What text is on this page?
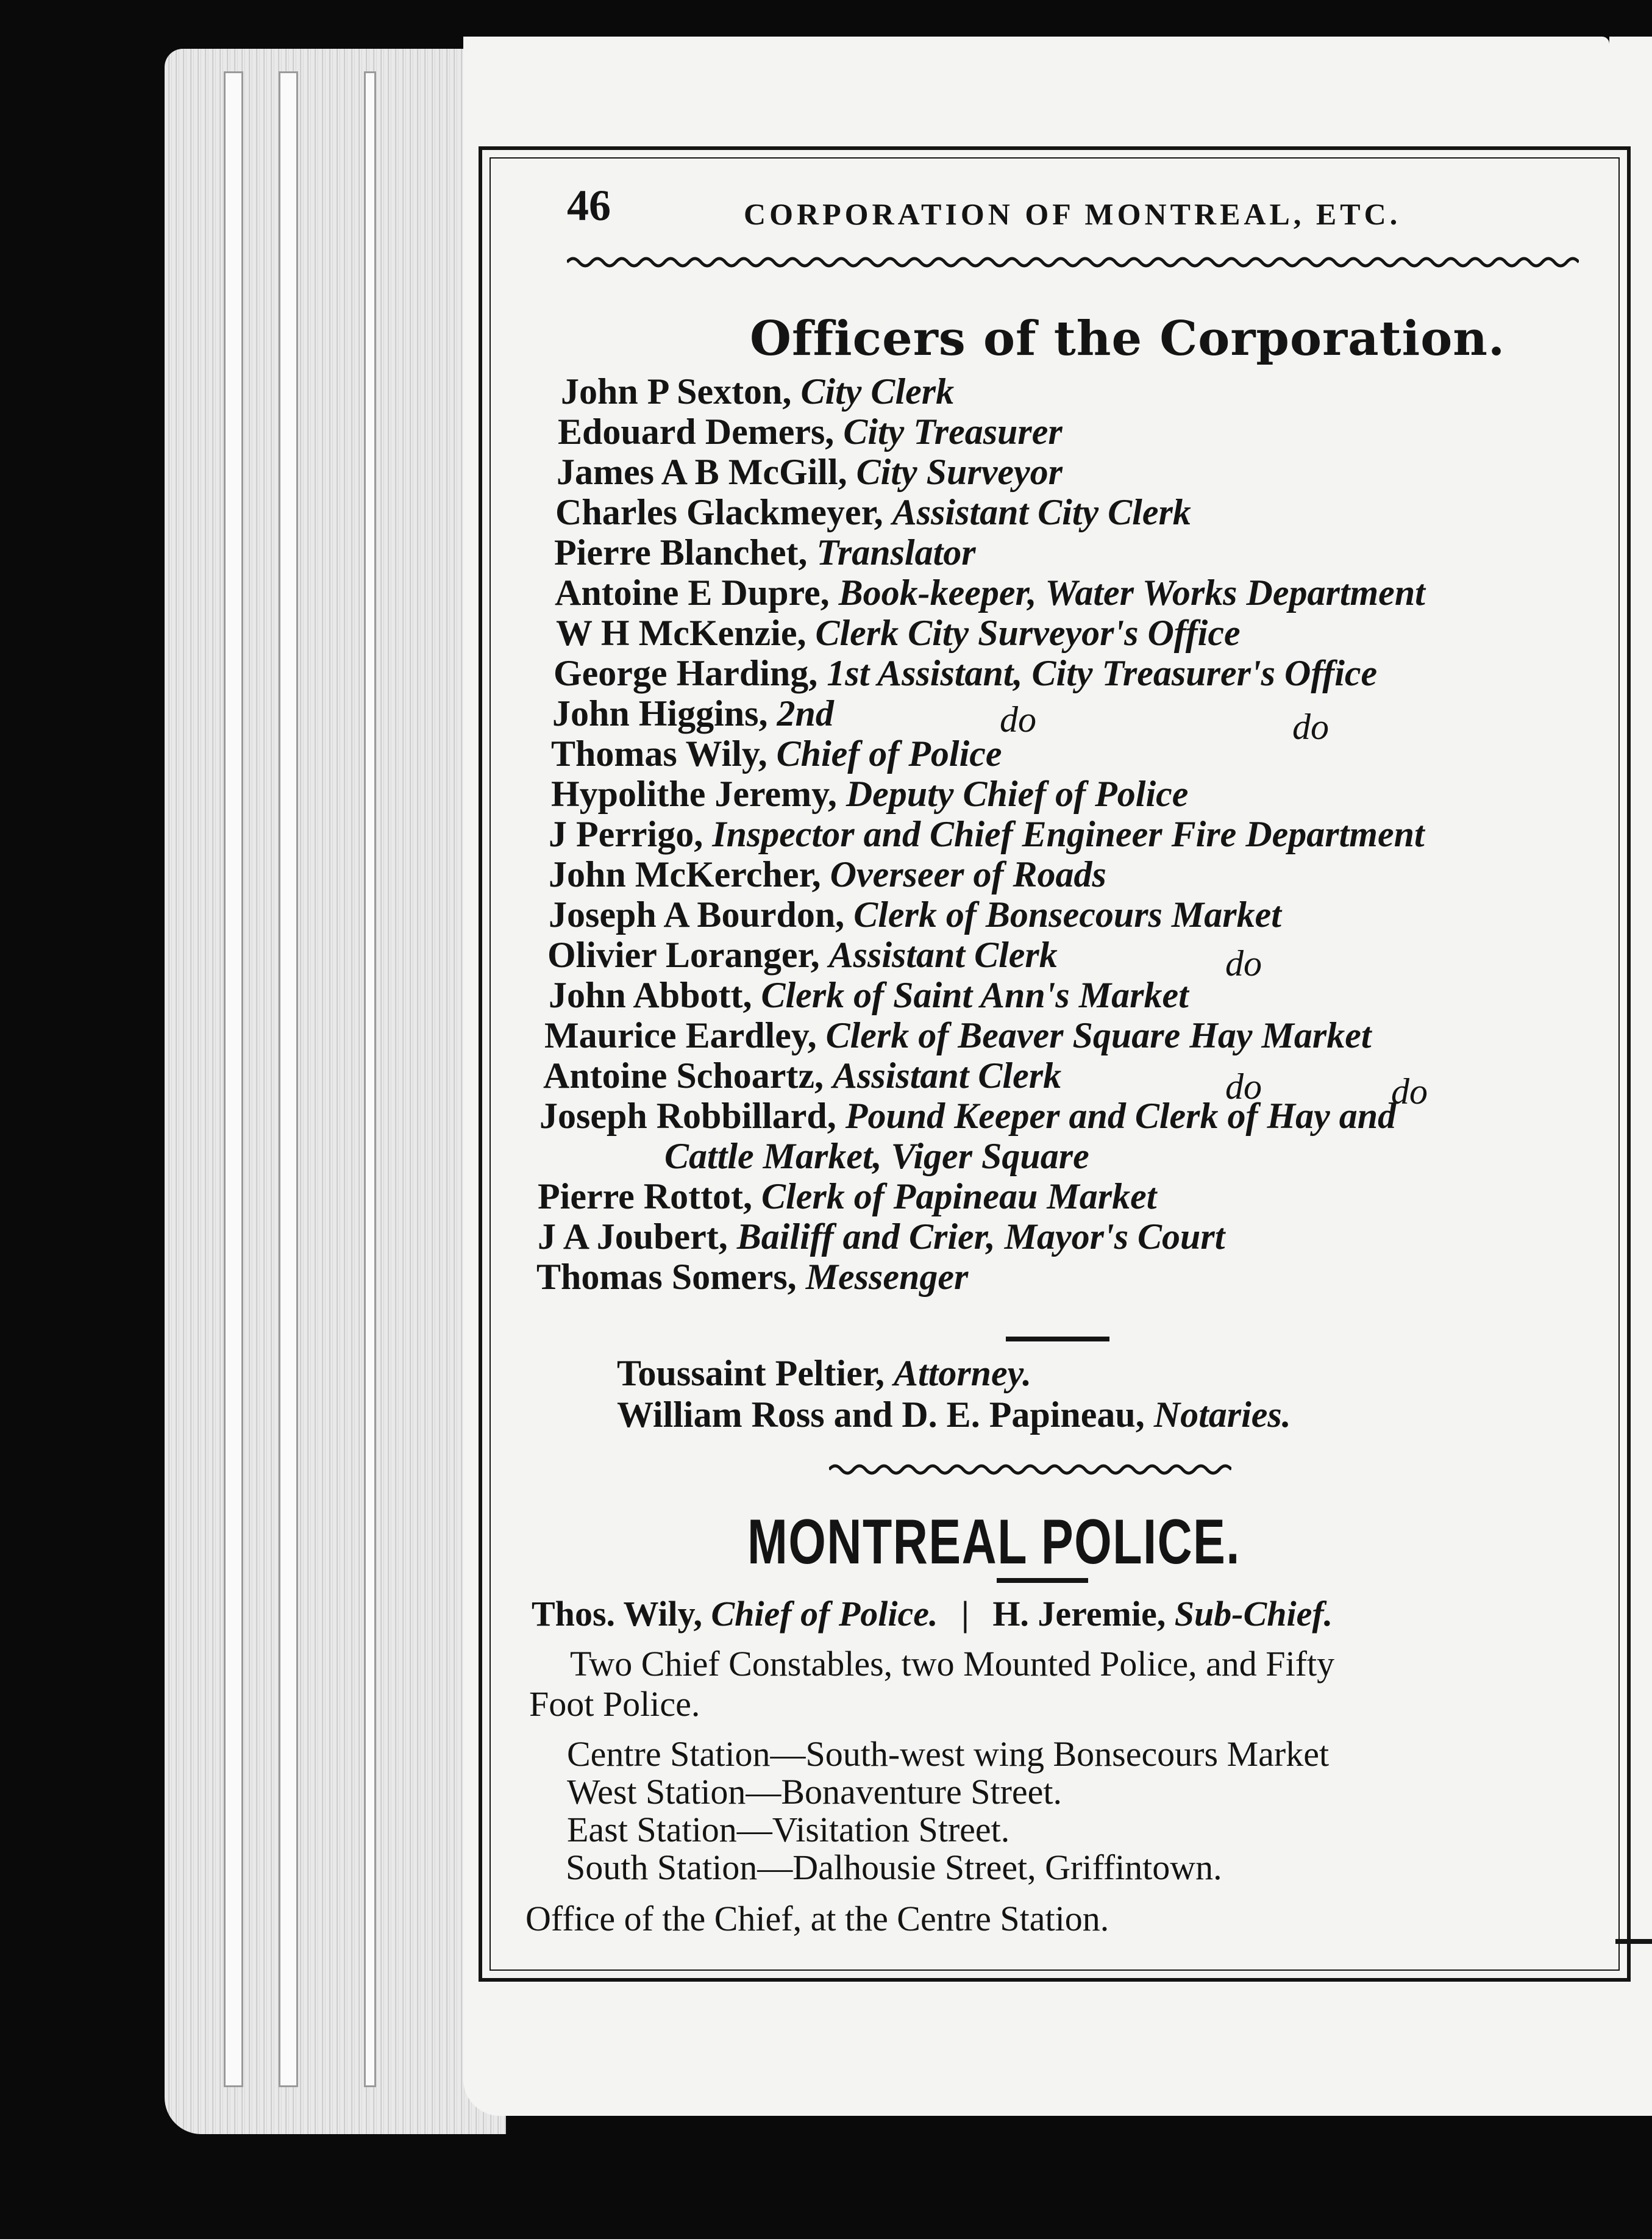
46	CORPORATION OF MONTREAL, ETC.
Officers of the Corporation.
John P Sexton, City Clerk
Edouard Demers, City Treasurer
James A B McGill, City Surveyor
Charles Glackmeyer, Assistant City Clerk
Pierre Blanchet, Translator
Antoine E Dupre, Book-keeper, Water Works Department
W H McKenzie, Clerk City Surveyor's Office
George Harding, 1st Assistant, City Treasurer's Office
John Higgins, 2nd	do	do
Thomas Wily, Chief of Police
Hypolithe Jeremy, Deputy Chief of Police
J Perrigo, Inspector and Chief Engineer Fire Department
John McKercher, Overseer of Roads
Joseph A Bourdon, Clerk of Bonsecours Market
Olivier Loranger, Assistant Clerk	do
John Abbott, Clerk of Saint Ann's Market
Maurice Eardley, Clerk of Beaver Square Hay Market
Antoine Schoartz, Assistant Clerk	do	do
Joseph Robbillard, Pound Keeper and Clerk of Hay and
Cattle Market, Viger Square
Pierre Rottot, Clerk of Papineau Market
J A Joubert, Bailiff and Crier, Mayor's Court
Thomas Somers, Messenger
Toussaint Peltier, Attorney.
William Ross and D. E. Papineau, Notaries.
MONTREAL POLICE.
Thos. Wily, Chief of Police. | H. Jeremie, Sub-Chief.
Two Chief Constables, two Mounted Police, and Fifty
Foot Police.
Centre Station—South-west wing Bonsecours Market
West Station—Bonaventure Street.
East Station—Visitation Street.
South Station—Dalhousie Street, Griffintown.
Office of the Chief, at the Centre Station.
